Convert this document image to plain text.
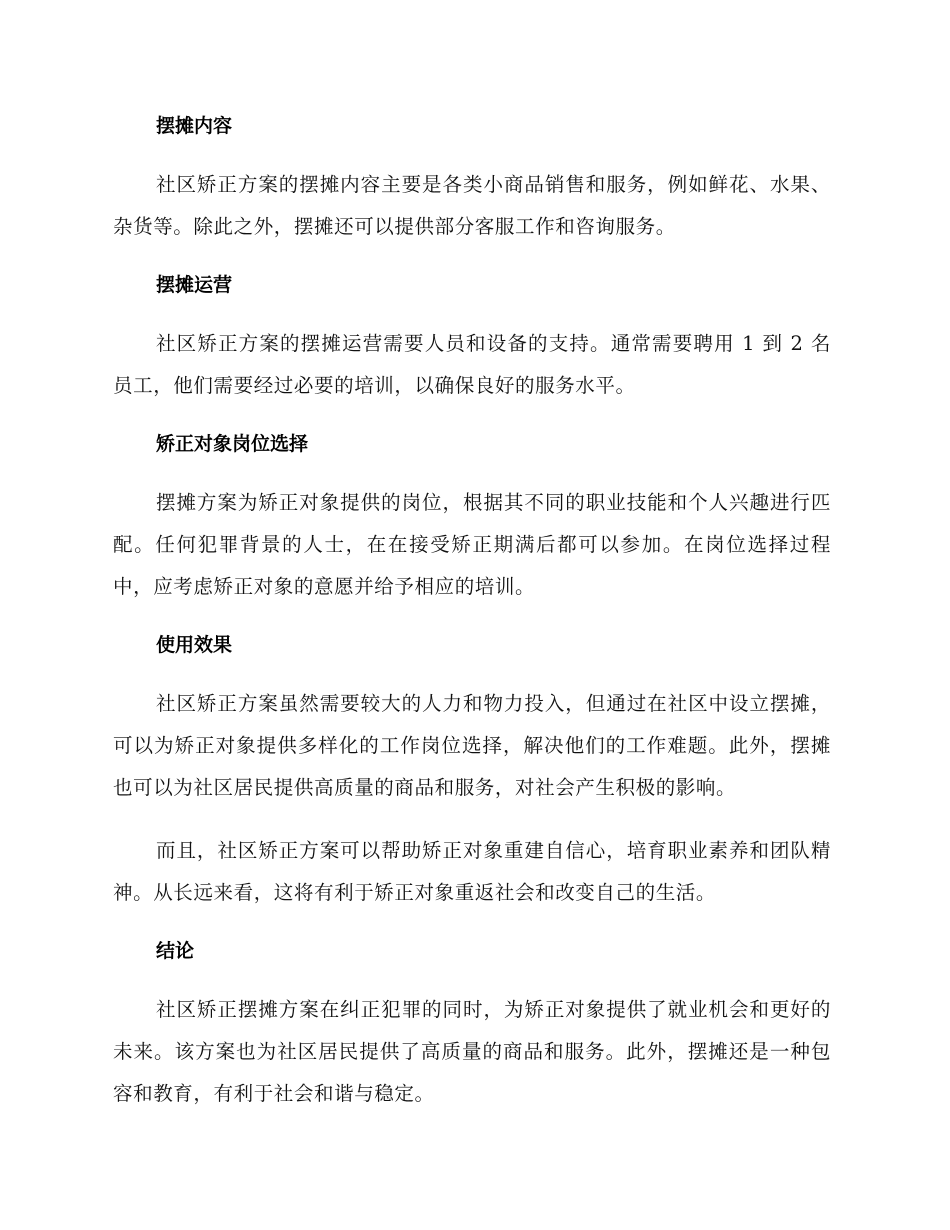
摆摊内容

社区矫正方案的摆摊内容主要是各类小商品销售和服务，例如鲜花、水果、杂货等。除此之外，摆摊还可以提供部分客服工作和咨询服务。

摆摊运营

社区矫正方案的摆摊运营需要人员和设备的支持。通常需要聘用 1 到 2 名员工，他们需要经过必要的培训，以确保良好的服务水平。

矫正对象岗位选择

摆摊方案为矫正对象提供的岗位，根据其不同的职业技能和个人兴趣进行匹配。任何犯罪背景的人士，在在接受矫正期满后都可以参加。在岗位选择过程中，应考虑矫正对象的意愿并给予相应的培训。

使用效果

社区矫正方案虽然需要较大的人力和物力投入，但通过在社区中设立摆摊，可以为矫正对象提供多样化的工作岗位选择，解决他们的工作难题。此外，摆摊也可以为社区居民提供高质量的商品和服务，对社会产生积极的影响。

而且，社区矫正方案可以帮助矫正对象重建自信心，培育职业素养和团队精神。从长远来看，这将有利于矫正对象重返社会和改变自己的生活。

结论

社区矫正摆摊方案在纠正犯罪的同时，为矫正对象提供了就业机会和更好的未来。该方案也为社区居民提供了高质量的商品和服务。此外，摆摊还是一种包容和教育，有利于社会和谐与稳定。
